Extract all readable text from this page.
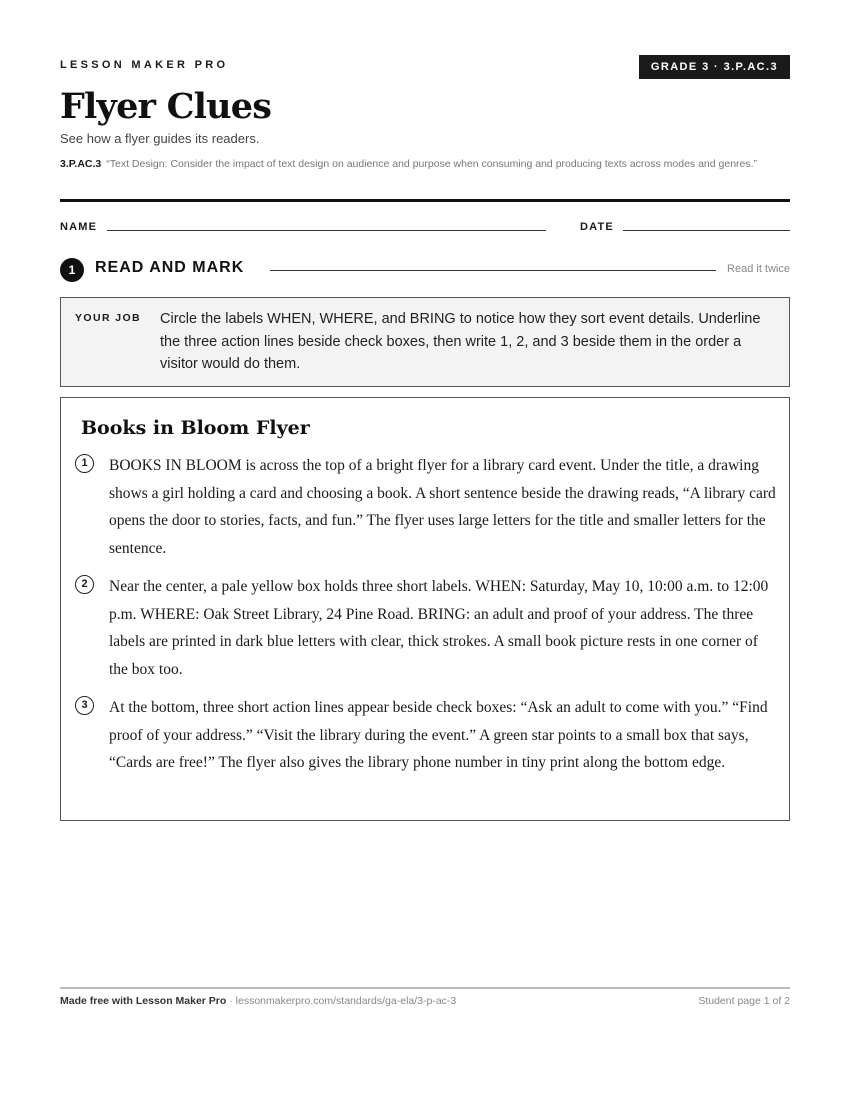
LESSON MAKER PRO	GRADE 3 · 3.P.AC.3
Flyer Clues
See how a flyer guides its readers.
3.P.AC.3 “Text Design: Consider the impact of text design on audience and purpose when consuming and producing texts across modes and genres.”
NAME	DATE
1	READ AND MARK	Read it twice
YOUR JOB Circle the labels WHEN, WHERE, and BRING to notice how they sort event details. Underline the three action lines beside check boxes, then write 1, 2, and 3 beside them in the order a visitor would do them.
Books in Bloom Flyer
1	BOOKS IN BLOOM is across the top of a bright flyer for a library card event. Under the title, a drawing shows a girl holding a card and choosing a book. A short sentence beside the drawing reads, “A library card opens the door to stories, facts, and fun.” The flyer uses large letters for the title and smaller letters for the sentence.
2	Near the center, a pale yellow box holds three short labels. WHEN: Saturday, May 10, 10:00 a.m. to 12:00 p.m. WHERE: Oak Street Library, 24 Pine Road. BRING: an adult and proof of your address. The three labels are printed in dark blue letters with clear, thick strokes. A small book picture rests in one corner of the box too.
3	At the bottom, three short action lines appear beside check boxes: “Ask an adult to come with you.” “Find proof of your address.” “Visit the library during the event.” A green star points to a small box that says, “Cards are free!” The flyer also gives the library phone number in tiny print along the bottom edge.
Made free with Lesson Maker Pro · lessonmakerpro.com/standards/ga-ela/3-p-ac-3	Student page 1 of 2
